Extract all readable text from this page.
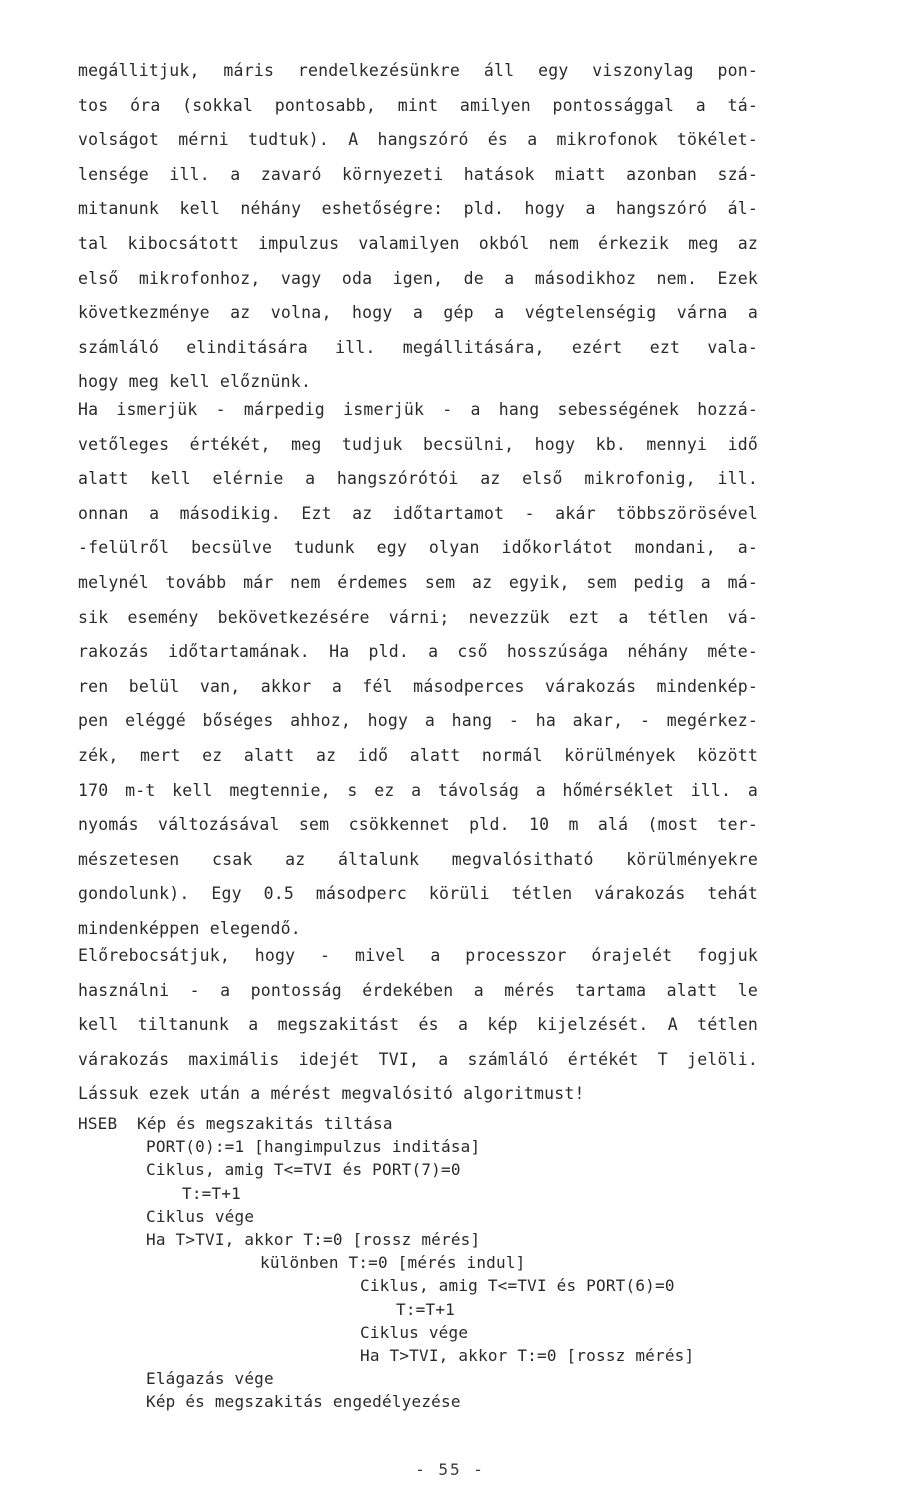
megállitjuk, máris rendelkezésünkre áll egy viszonylag pon-
tos óra (sokkal pontosabb, mint amilyen pontossággal a tá-
volságot mérni tudtuk). A hangszóró és a mikrofonok tökélet-
lensége ill. a zavaró környezeti hatások miatt azonban szá-
mitanunk kell néhány eshetőségre: pld. hogy a hangszóró ál-
tal kibocsátott impulzus valamilyen okból nem érkezik meg az
első mikrofonhoz, vagy oda igen, de a másodikhoz nem. Ezek
következménye az volna, hogy a gép a végtelenségig várna a
számláló elinditására ill. megállitására, ezért ezt vala-
hogy meg kell előznünk.
Ha ismerjük - márpedig ismerjük - a hang sebességének hozzá-
vetőleges értékét, meg tudjuk becsülni, hogy kb. mennyi idő
alatt kell elérnie a hangszórótói az első mikrofonig, ill.
onnan a másodikig. Ezt az időtartamot - akár többszörösével
-felülről becsülve tudunk egy olyan időkorlátot mondani, a-
melynél tovább már nem érdemes sem az egyik, sem pedig a má-
sik esemény bekövetkezésére várni; nevezzük ezt a tétlen vá-
rakozás időtartamának. Ha pld. a cső hosszúsága néhány méte-
ren belül van, akkor a fél másodperces várakozás mindenkép-
pen eléggé bőséges ahhoz, hogy a hang - ha akar, - megérkez-
zék, mert ez alatt az idő alatt normál körülmények között
170 m-t kell megtennie, s ez a távolság a hőmérséklet ill. a
nyomás változásával sem csökkennet pld. 10 m alá (most ter-
mészetesen csak az általunk megvalósitható körülményekre
gondolunk). Egy 0.5 másodperc körüli tétlen várakozás tehát
mindenképpen elegendő.
Előrebocsátjuk, hogy - mivel a processzor órajelét fogjuk
használni - a pontosság érdekében a mérés tartama alatt le
kell tiltanunk a megszakitást és a kép kijelzését. A tétlen
várakozás maximális idejét TVI, a számláló értékét T jelöli.
Lássuk ezek után a mérést megvalósitó algoritmust!
HSEB  Kép és megszakitás tiltása
PORT(0):=1 [hangimpulzus inditása]
Ciklus, amig T<=TVI és PORT(7)=0
T:=T+1
Ciklus vége
Ha T>TVI, akkor T:=0 [rossz mérés]
különben T:=0 [mérés indul]
Ciklus, amig T<=TVI és PORT(6)=0
T:=T+1
Ciklus vége
Ha T>TVI, akkor T:=0 [rossz mérés]
Elágazás vége
Kép és megszakitás engedélyezése
- 55 -
